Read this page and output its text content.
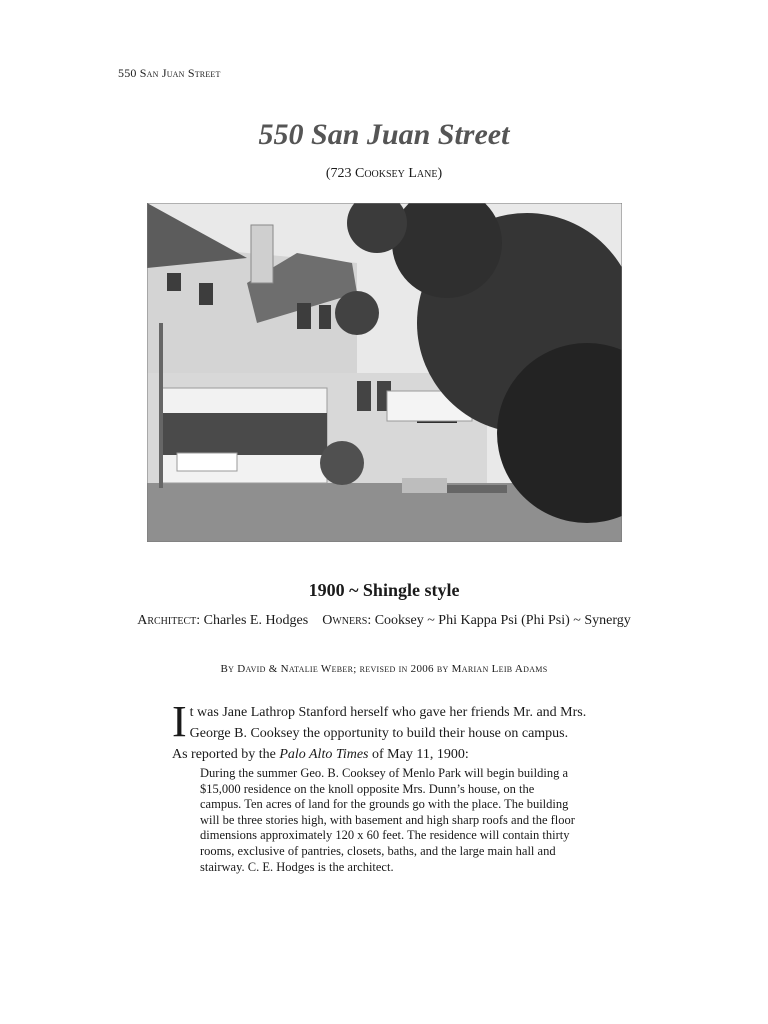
550 San Juan Street
550 San Juan Street
(723 Cooksey Lane)
1900 ~ Shingle style
Architect: Charles E. Hodges Owners: Cooksey ~ Phi Kappa Psi (Phi Psi) ~ Synergy
By David & Natalie Weber; revised in 2006 by Marian Leib Adams
I t was Jane Lathrop Stanford herself who gave her friends Mr. and Mrs.
George B. Cooksey the opportunity to build their house on campus.
As reported by the Palo Alto Times of May 11, 1900:
During the summer Geo. B. Cooksey of Menlo Park will begin building a
$15,000 residence on the knoll opposite Mrs. Dunn’s house, on the
campus. Ten acres of land for the grounds go with the place. The building
will be three stories high, with basement and high sharp roofs and the floor
dimensions approximately 120 x 60 feet. The residence will contain thirty
rooms, exclusive of pantries, closets, baths, and the large main hall and
stairway. C. E. Hodges is the architect.
